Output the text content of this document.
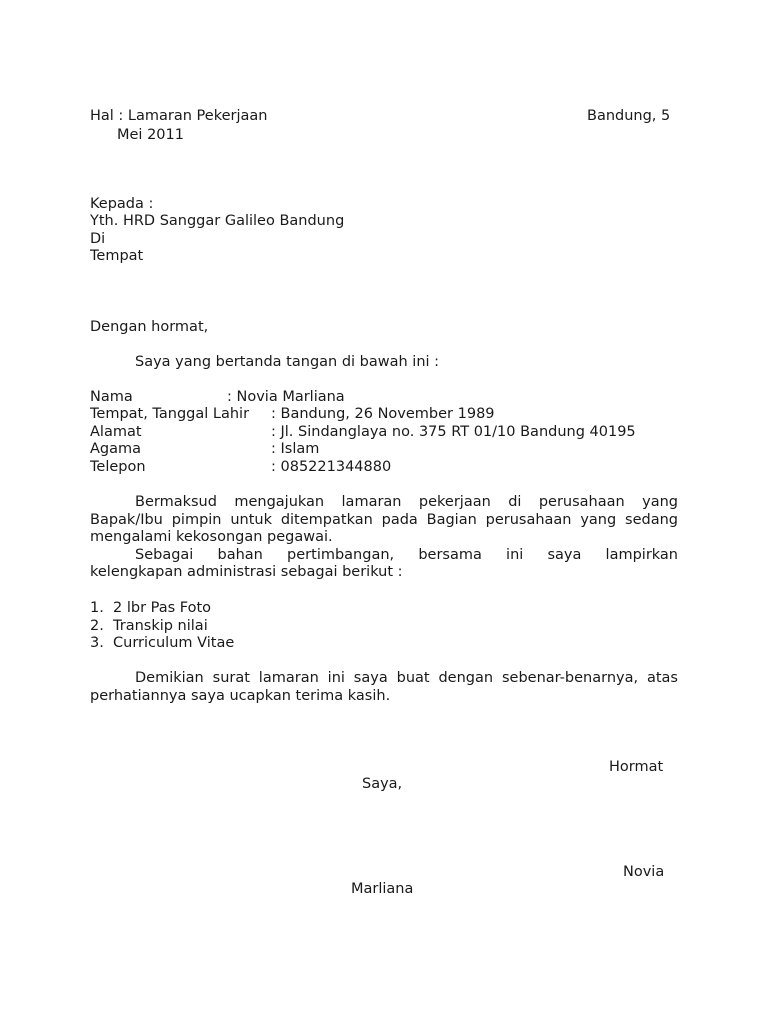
Hal : Lamaran Pekerjaan	Bandung, 5
Mei 2011
Kepada :
Yth. HRD Sanggar Galileo Bandung
Di
Tempat
Dengan hormat,
Saya yang bertanda tangan di bawah ini :
Nama	: Novia Marliana
Tempat, Tanggal Lahir : Bandung, 26 November 1989
Alamat	: Jl. Sindanglaya no. 375 RT 01/10 Bandung 40195
Agama	: Islam
Telepon	: 085221344880
Bermaksud mengajukan lamaran pekerjaan di perusahaan yang
Bapak/Ibu pimpin untuk ditempatkan pada Bagian perusahaan yang sedang
mengalami kekosongan pegawai.
Sebagai bahan pertimbangan, bersama ini saya lampirkan
kelengkapan administrasi sebagai berikut :
1. 2 lbr Pas Foto
2. Transkip nilai
3. Curriculum Vitae
Demikian surat lamaran ini saya buat dengan sebenar-benarnya, atas
perhatiannya saya ucapkan terima kasih.
Hormat
Saya,
Novia
Marliana
